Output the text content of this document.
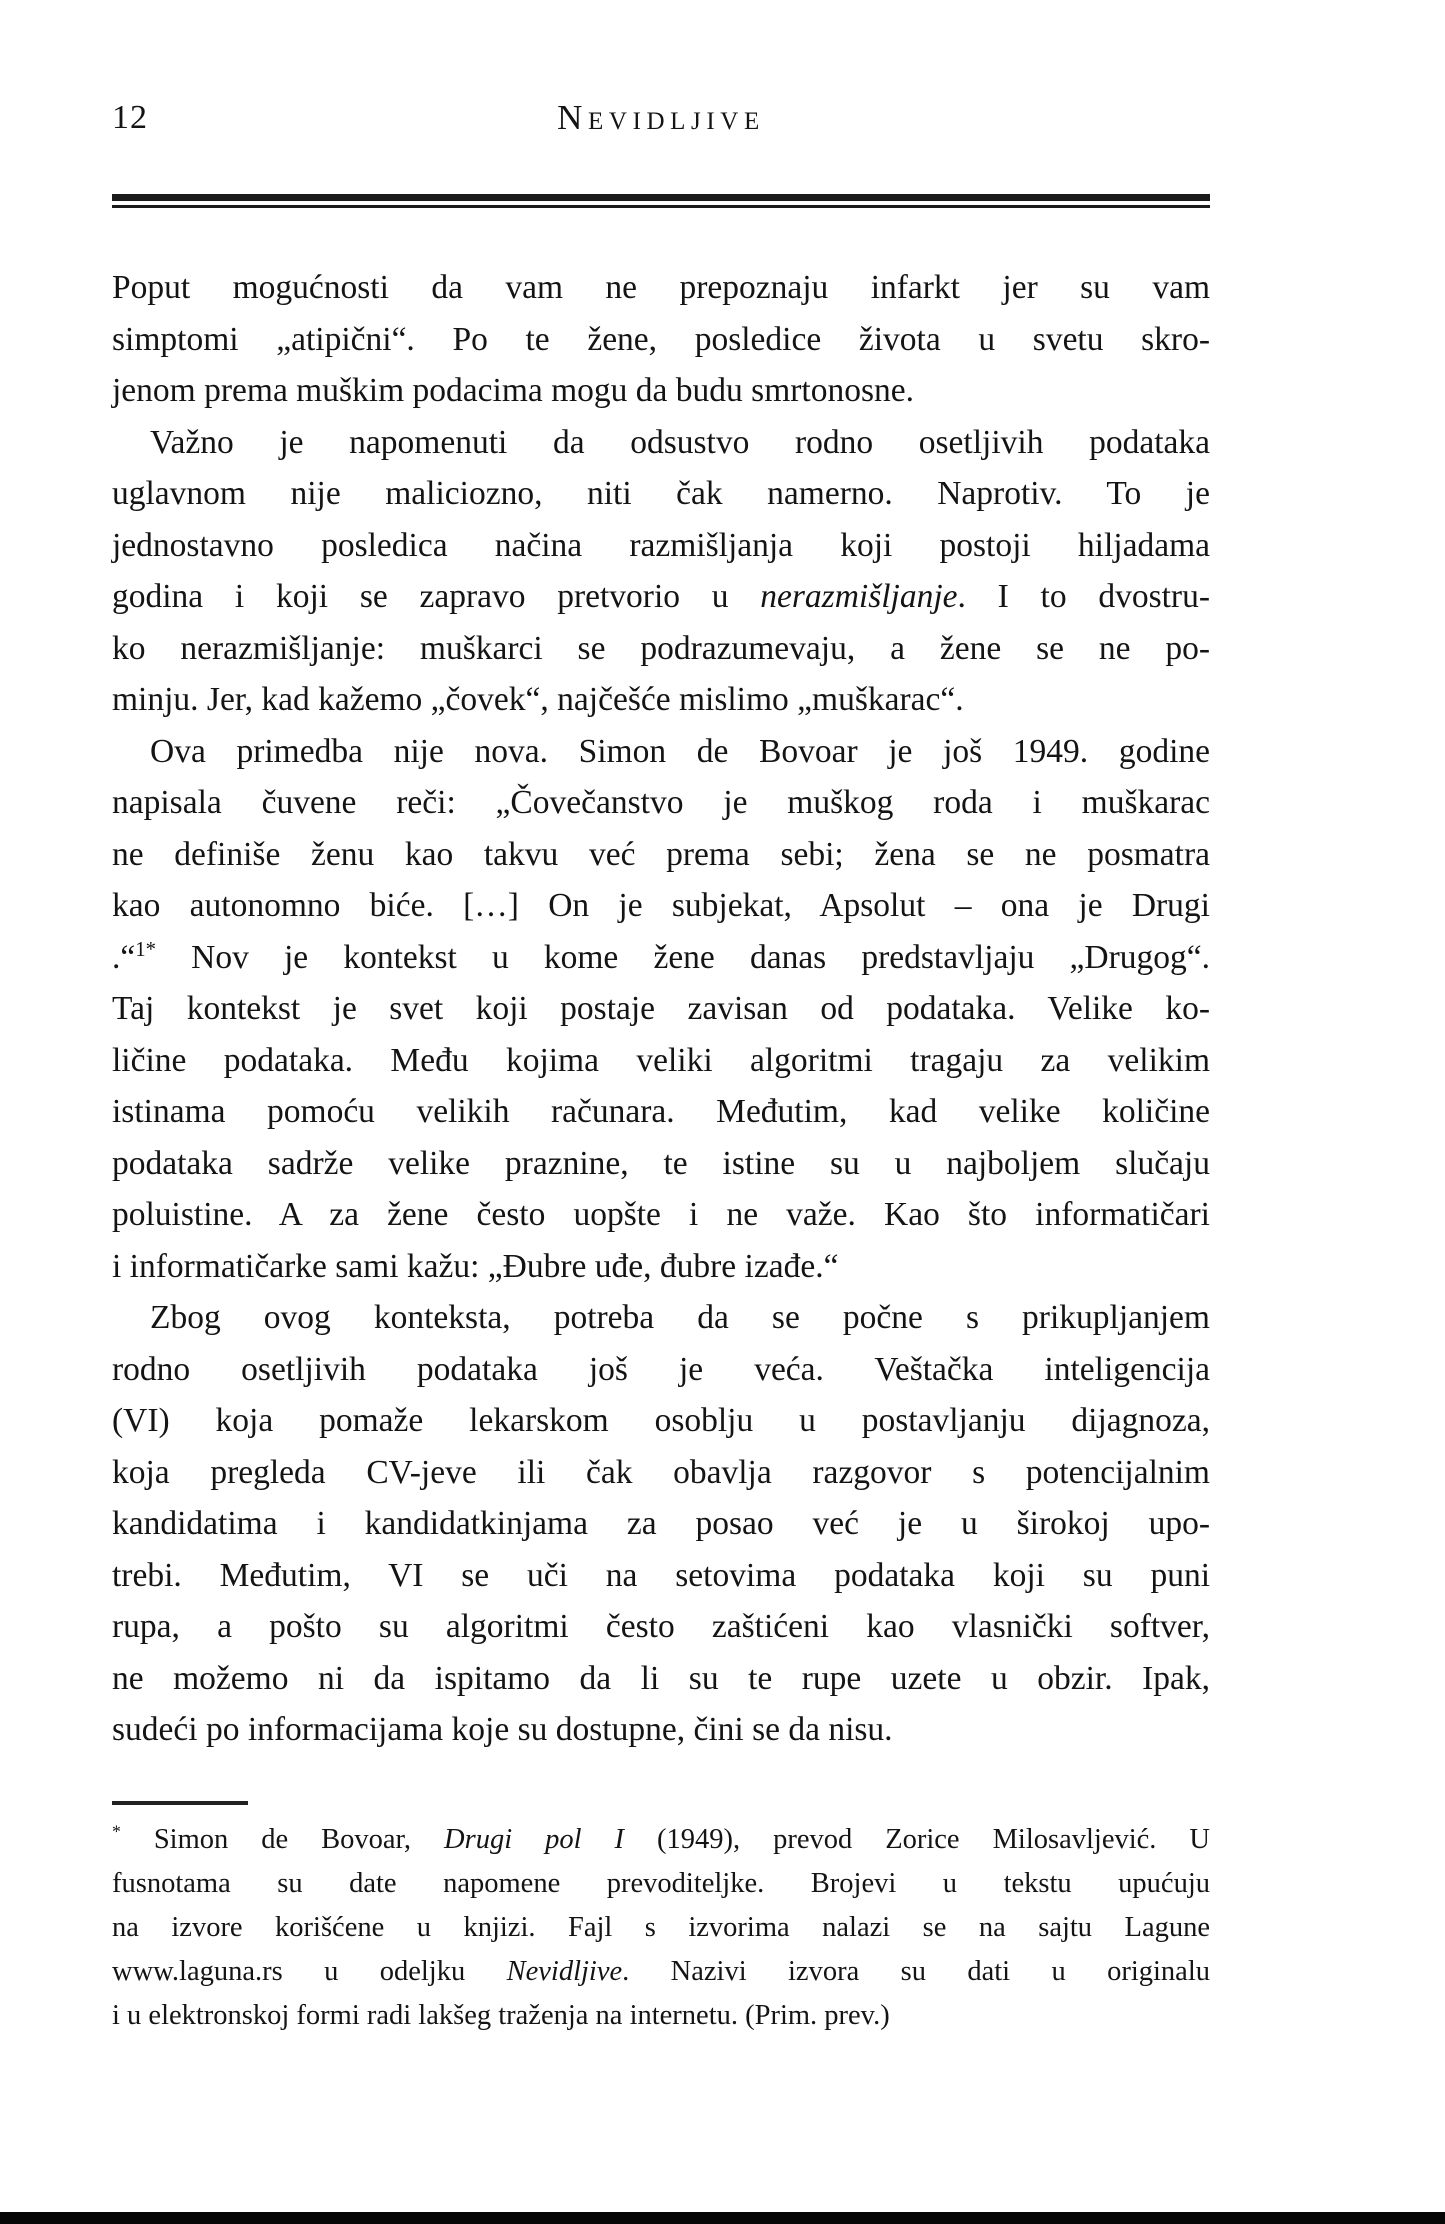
12	Nevidljive
Poput mogućnosti da vam ne prepoznaju infarkt jer su vam
simptomi „atipični“. Po te žene, posledice života u svetu skro-
jenom prema muškim podacima mogu da budu smrtonosne.
Važno je napomenuti da odsustvo rodno osetljivih podataka
uglavnom nije maliciozno, niti čak namerno. Naprotiv. To je
jednostavno posledica načina razmišljanja koji postoji hiljadama
godina i koji se zapravo pretvorio u nerazmišljanje. I to dvostru-
ko nerazmišljanje: muškarci se podrazumevaju, a žene se ne po-
minju. Jer, kad kažemo „čovek“, najčešće mislimo „muškarac“.
Ova primedba nije nova. Simon de Bovoar je još 1949. godine
napisala čuvene reči: „Čovečanstvo je muškog roda i muškarac
ne definiše ženu kao takvu već prema sebi; žena se ne posmatra
kao autonomno biće. […] On je subjekat, Apsolut – ona je Drugi
.“$^{1*}$ Nov je kontekst u kome žene danas predstavljaju „Drugog“.
Taj kontekst je svet koji postaje zavisan od podataka. Velike ko-
ličine podataka. Među kojima veliki algoritmi tragaju za velikim
istinama pomoću velikih računara. Međutim, kad velike količine
podataka sadrže velike praznine, te istine su u najboljem slučaju
poluistine. A za žene često uopšte i ne važe. Kao što informatičari
i informatičarke sami kažu: „Đubre uđe, đubre izađe.“
Zbog ovog konteksta, potreba da se počne s prikupljanjem
rodno osetljivih podataka još je veća. Veštačka inteligencija
(VI) koja pomaže lekarskom osoblju u postavljanju dijagnoza,
koja pregleda CV-jeve ili čak obavlja razgovor s potencijalnim
kandidatima i kandidatkinjama za posao već je u širokoj upo-
trebi. Međutim, VI se uči na setovima podataka koji su puni
rupa, a pošto su algoritmi često zaštićeni kao vlasnički softver,
ne možemo ni da ispitamo da li su te rupe uzete u obzir. Ipak,
sudeći po informacijama koje su dostupne, čini se da nisu.
* Simon de Bovoar, Drugi pol I (1949), prevod Zorice Milosavljević. U
fusnotama su date napomene prevoditeljke. Brojevi u tekstu upućuju
na izvore korišćene u knjizi. Fajl s izvorima nalazi se na sajtu Lagune
www.laguna.rs u odeljku Nevidljive. Nazivi izvora su dati u originalu
i u elektronskoj formi radi lakšeg traženja na internetu. (Prim. prev.)
